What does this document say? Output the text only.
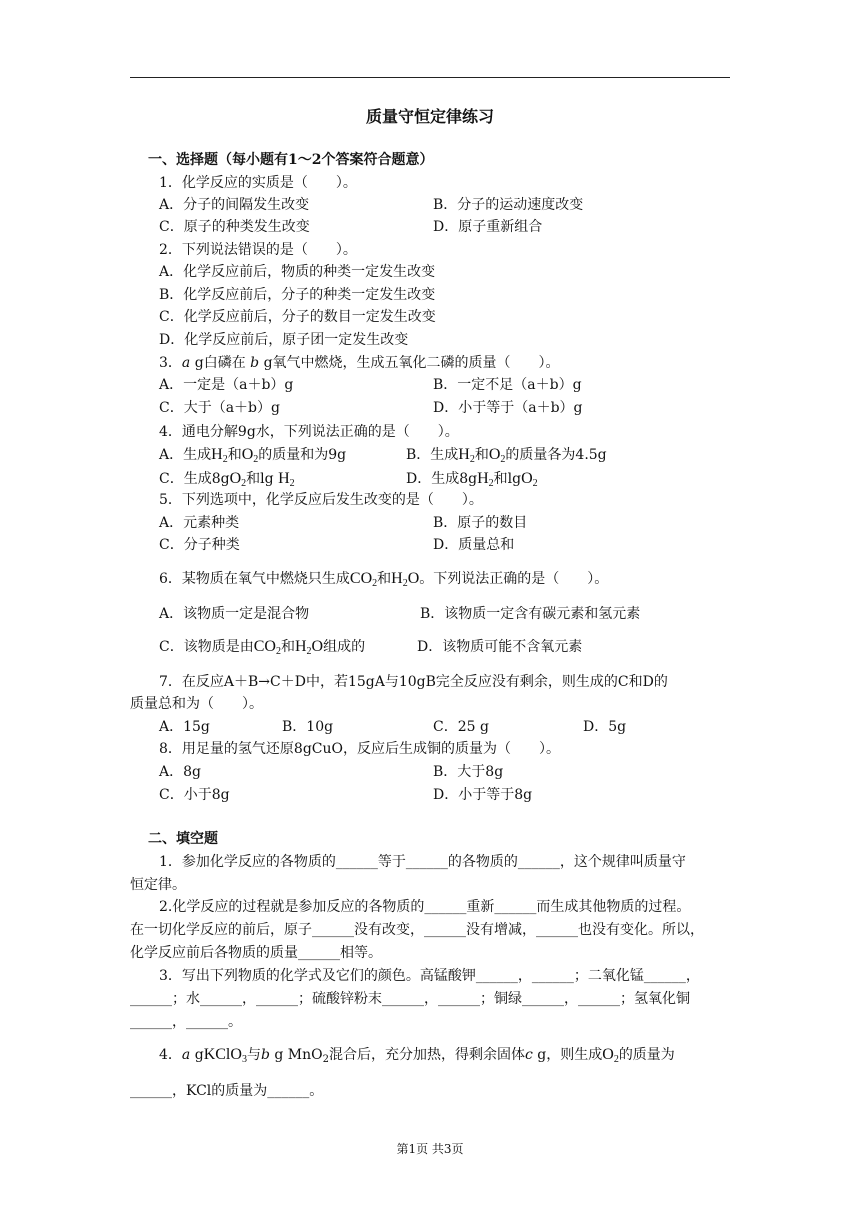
质量守恒定律练习
一、选择题（每小题有1～2个答案符合题意）
1．化学反应的实质是（　　）。
A．分子的间隔发生改变	B．分子的运动速度改变
C．原子的种类发生改变	D．原子重新组合
2．下列说法错误的是（　　）。
A．化学反应前后，物质的种类一定发生改变
B．化学反应前后，分子的种类一定发生改变
C．化学反应前后，分子的数目一定发生改变
D．化学反应前后，原子团一定发生改变
3．a g白磷在 b g氧气中燃烧，生成五氧化二磷的质量（　　）。
A．一定是（a＋b）g	B．一定不足（a＋b）g
C．大于（a＋b）g	D．小于等于（a＋b）g
4．通电分解9g水，下列说法正确的是（　　）。
A．生成$H_2$和$O_2$的质量和为9g	B．生成$H_2$和$O_2$的质量各为4.5g
C．生成$8gO_2$和$\lg H_2$	D．生成$8gH_2$和lgO$_2$
5．下列选项中，化学反应后发生改变的是（　　）。
A．元素种类	B．原子的数目
C．分子种类	D．质量总和
6．某物质在氧气中燃烧只生成$CO_2$和$H_2O$。下列说法正确的是（　　）。
A．该物质一定是混合物	B．该物质一定含有碳元素和氢元素
C．该物质是由$CO_2$和$H_2O$组成的	D．该物质可能不含氧元素
7．在反应A＋B→C＋D中，若15gA与10gB完全反应没有剩余，则生成的C和D的
质量总和为（　　）。
A．15g	B．10g	C．25 g	D．5g
8．用足量的氢气还原8gCuO，反应后生成铜的质量为（　　）。
A．8g	B．大于8g
C．小于8g	D．小于等于8g
二、填空题
1．参加化学反应的各物质的______等于______的各物质的______，这个规律叫质量守
恒定律。
2.化学反应的过程就是参加反应的各物质的______重新______而生成其他物质的过程。
在一切化学反应的前后，原子______没有改变，______没有增减，______也没有变化。所以，
化学反应前后各物质的质量______相等。
3．写出下列物质的化学式及它们的颜色。高锰酸钾______，______；二氧化锰______，
______；水______，______；硫酸锌粉末______，______；铜绿______，______；氢氧化铜
______，______。
4．a gKClO$_3$与b g MnO$_2$混合后，充分加热，得剩余固体c g，则生成$O_2$的质量为
______，KCl的质量为______。
第1页 共3页
